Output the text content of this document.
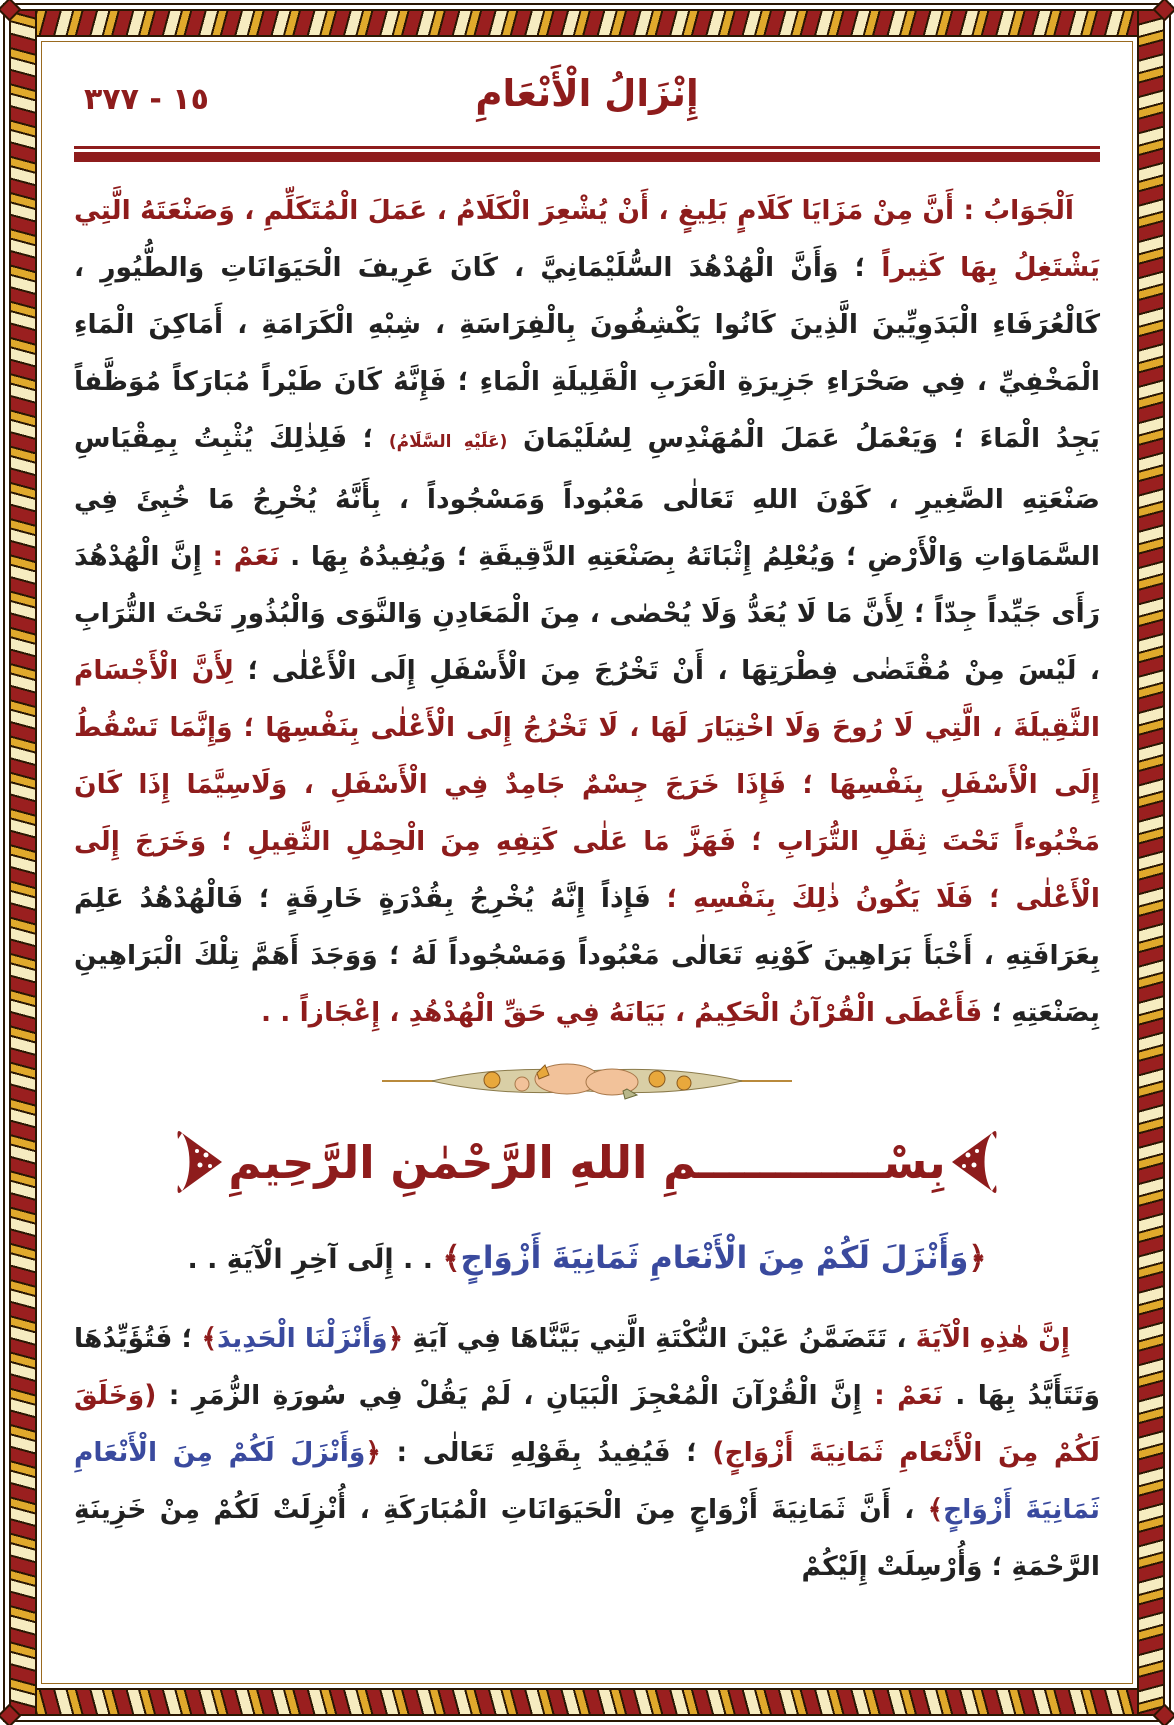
١٥ - ٣٧٧	إِنْزَالُ الْأَنْعَامِ

اَلْجَوَابُ : أَنَّ مِنْ مَزَايَا كَلَامٍ بَلِيغٍ ، أَنْ يُشْعِرَ الْكَلَامُ ، عَمَلَ الْمُتَكَلِّمِ ، وَصَنْعَتَهُ الَّتِي يَشْتَغِلُ بِهَا كَثِيراً ؛ وَأَنَّ الْهُدْهُدَ السُّلَيْمَانِيَّ ، كَانَ عَرِيفَ الْحَيَوَانَاتِ وَالطُّيُورِ ، كَالْعُرَفَاءِ الْبَدَوِيِّينَ الَّذِينَ كَانُوا يَكْشِفُونَ بِالْفِرَاسَةِ ، شِبْهِ الْكَرَامَةِ ، أَمَاكِنَ الْمَاءِ الْمَخْفِيِّ ، فِي صَحْرَاءِ جَزِيرَةِ الْعَرَبِ الْقَلِيلَةِ الْمَاءِ ؛ فَإِنَّهُ كَانَ طَيْراً مُبَارَكاً مُوَظَّفاً يَجِدُ الْمَاءَ ؛ وَيَعْمَلُ عَمَلَ الْمُهَنْدِسِ لِسُلَيْمَانَ (عَلَيْهِ السَّلَامُ) ؛ فَلِذٰلِكَ يُثْبِتُ بِمِقْيَاسِ صَنْعَتِهِ الصَّغِيرِ ، كَوْنَ اللهِ تَعَالٰى مَعْبُوداً وَمَسْجُوداً ، بِأَنَّهُ يُخْرِجُ مَا خُبِئَ فِي السَّمَاوَاتِ وَالْأَرْضِ ؛ وَيُعْلِمُ إِثْبَاتَهُ بِصَنْعَتِهِ الدَّقِيقَةِ ؛ وَيُفِيدُهُ بِهَا . نَعَمْ : إِنَّ الْهُدْهُدَ رَأَى جَيِّداً جِدّاً ؛ لِأَنَّ مَا لَا يُعَدُّ وَلَا يُحْصٰى ، مِنَ الْمَعَادِنِ وَالنَّوَى وَالْبُذُورِ تَحْتَ التُّرَابِ ، لَيْسَ مِنْ مُقْتَضٰى فِطْرَتِهَا ، أَنْ تَخْرُجَ مِنَ الْأَسْفَلِ إِلَى الْأَعْلٰى ؛ لِأَنَّ الْأَجْسَامَ الثَّقِيلَةَ ، الَّتِي لَا رُوحَ وَلَا اخْتِيَارَ لَهَا ، لَا تَخْرُجُ إِلَى الْأَعْلٰى بِنَفْسِهَا ؛ وَإِنَّمَا تَسْقُطُ إِلَى الْأَسْفَلِ بِنَفْسِهَا ؛ فَإِذَا خَرَجَ جِسْمٌ جَامِدٌ فِي الْأَسْفَلِ ، وَلَاسِيَّمَا إِذَا كَانَ مَخْبُوءاً تَحْتَ ثِقَلِ التُّرَابِ ؛ فَهَزَّ مَا عَلٰى كَتِفِهِ مِنَ الْحِمْلِ الثَّقِيلِ ؛ وَخَرَجَ إِلَى الْأَعْلٰى ؛ فَلَا يَكُونُ ذٰلِكَ بِنَفْسِهِ ؛ فَإِذاً إِنَّهُ يُخْرِجُ بِقُدْرَةٍ خَارِقَةٍ ؛ فَالْهُدْهُدُ عَلِمَ بِعَرَافَتِهِ ، أَخْبَأَ بَرَاهِينَ كَوْنِهِ تَعَالٰى مَعْبُوداً وَمَسْجُوداً لَهُ ؛ وَوَجَدَ أَهَمَّ تِلْكَ الْبَرَاهِينِ بِصَنْعَتِهِ ؛ فَأَعْطَى الْقُرْآنُ الْحَكِيمُ ، بَيَانَهُ فِي حَقِّ الْهُدْهُدِ ، إِعْجَازاً . .

بِسْــــــــــــمِ اللهِ الرَّحْمٰنِ الرَّحِيمِ

﴿وَأَنْزَلَ لَكُمْ مِنَ الْأَنْعَامِ ثَمَانِيَةَ أَزْوَاجٍ﴾ . . إِلَى آخِرِ الْآيَةِ . .

إِنَّ هٰذِهِ الْآيَةَ ، تَتَضَمَّنُ عَيْنَ النُّكْتَةِ الَّتِي بَيَّنَّاهَا فِي آيَةِ ﴿وَأَنْزَلْنَا الْحَدِيدَ﴾ ؛ فَتُؤَيِّدُهَا وَتَتَأَيَّدُ بِهَا . نَعَمْ : إِنَّ الْقُرْآنَ الْمُعْجِزَ الْبَيَانِ ، لَمْ يَقُلْ فِي سُورَةِ الزُّمَرِ : (وَخَلَقَ لَكُمْ مِنَ الْأَنْعَامِ ثَمَانِيَةَ أَزْوَاجٍ) ؛ فَيُفِيدُ بِقَوْلِهِ تَعَالٰى : ﴿وَأَنْزَلَ لَكُمْ مِنَ الْأَنْعَامِ ثَمَانِيَةَ أَزْوَاجٍ﴾ ، أَنَّ ثَمَانِيَةَ أَزْوَاجٍ مِنَ الْحَيَوَانَاتِ الْمُبَارَكَةِ ، أُنْزِلَتْ لَكُمْ مِنْ خَزِينَةِ الرَّحْمَةِ ؛ وَأُرْسِلَتْ إِلَيْكُمْ
